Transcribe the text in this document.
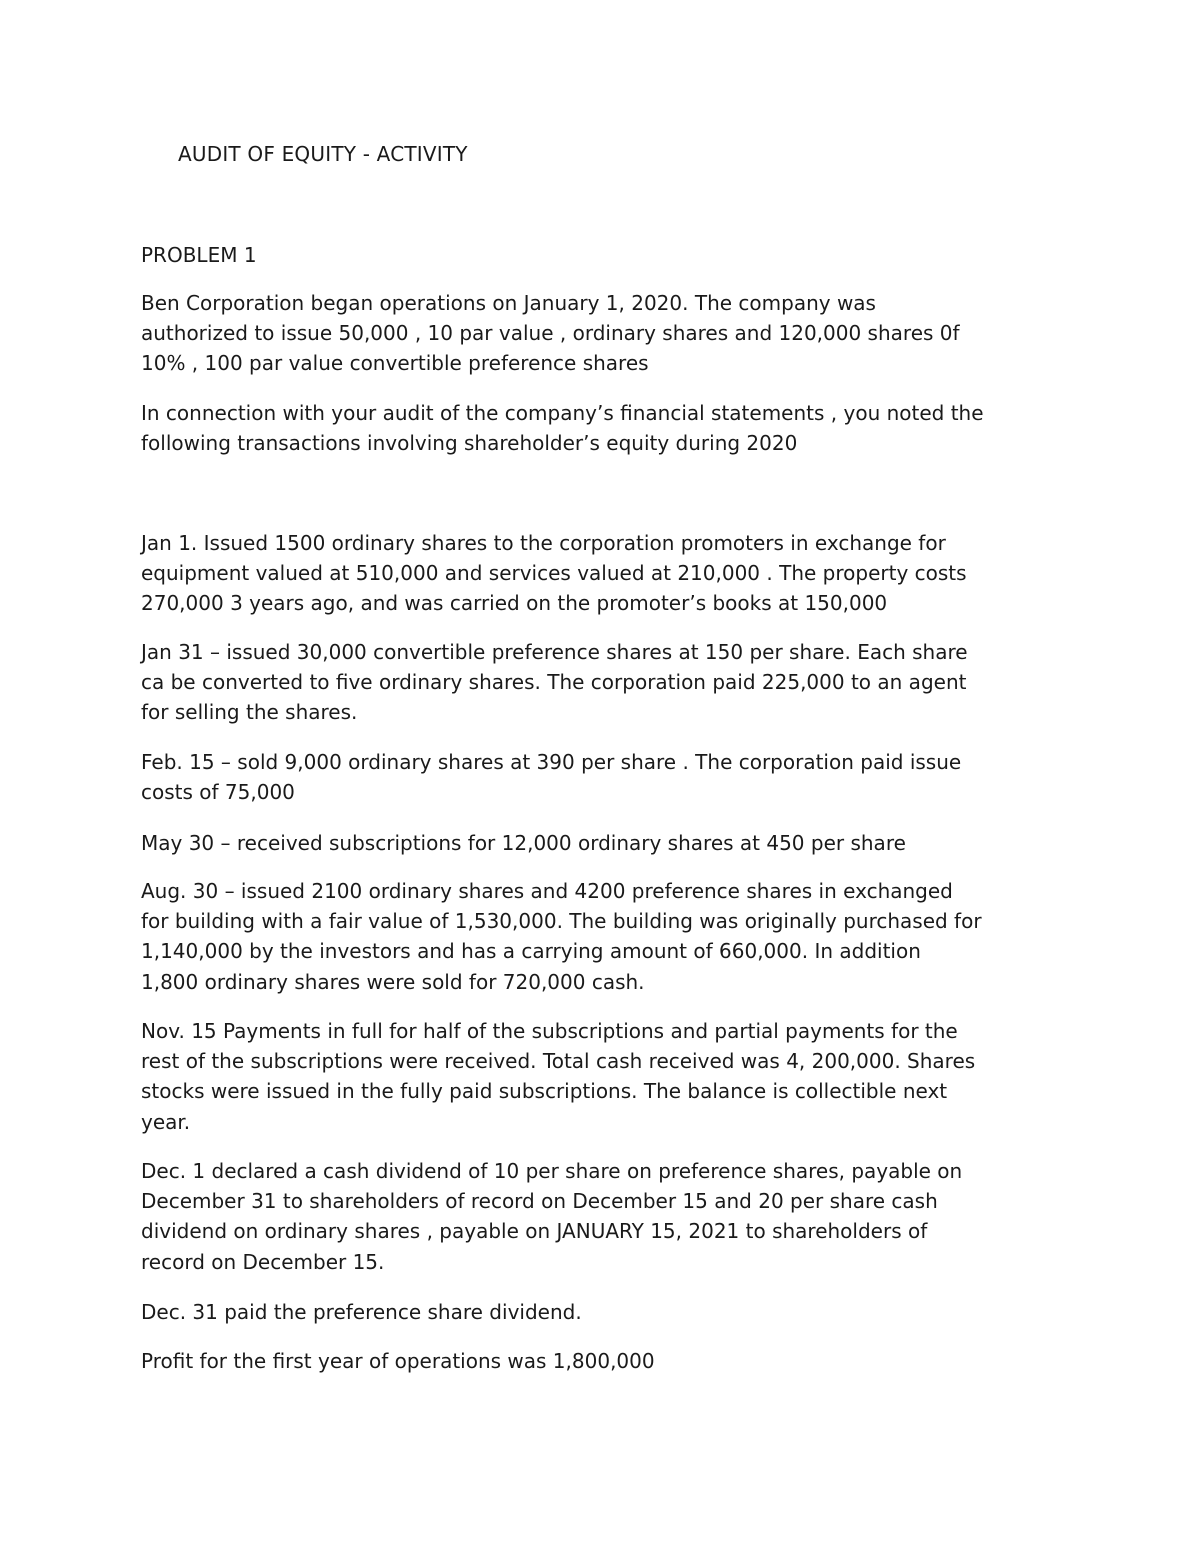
AUDIT OF EQUITY - ACTIVITY
PROBLEM 1
Ben Corporation began operations on January 1, 2020. The company was
authorized to issue 50,000 , 10 par value , ordinary shares and 120,000 shares 0f
10% , 100 par value convertible preference shares
In connection with your audit of the company’s financial statements , you noted the
following transactions involving shareholder’s equity during 2020
Jan 1. Issued 1500 ordinary shares to the corporation promoters in exchange for
equipment valued at 510,000 and services valued at 210,000 . The property costs
270,000 3 years ago, and was carried on the promoter’s books at 150,000
Jan 31 – issued 30,000 convertible preference shares at 150 per share. Each share
ca be converted to five ordinary shares. The corporation paid 225,000 to an agent
for selling the shares.
Feb. 15 – sold 9,000 ordinary shares at 390 per share . The corporation paid issue
costs of 75,000
May 30 – received subscriptions for 12,000 ordinary shares at 450 per share
Aug. 30 – issued 2100 ordinary shares and 4200 preference shares in exchanged
for building with a fair value of 1,530,000. The building was originally purchased for
1,140,000 by the investors and has a carrying amount of 660,000. In addition
1,800 ordinary shares were sold for 720,000 cash.
Nov. 15 Payments in full for half of the subscriptions and partial payments for the
rest of the subscriptions were received. Total cash received was 4, 200,000. Shares
stocks were issued in the fully paid subscriptions. The balance is collectible next
year.
Dec. 1 declared a cash dividend of 10 per share on preference shares, payable on
December 31 to shareholders of record on December 15 and 20 per share cash
dividend on ordinary shares , payable on JANUARY 15, 2021 to shareholders of
record on December 15.
Dec. 31 paid the preference share dividend.
Profit for the first year of operations was 1,800,000
